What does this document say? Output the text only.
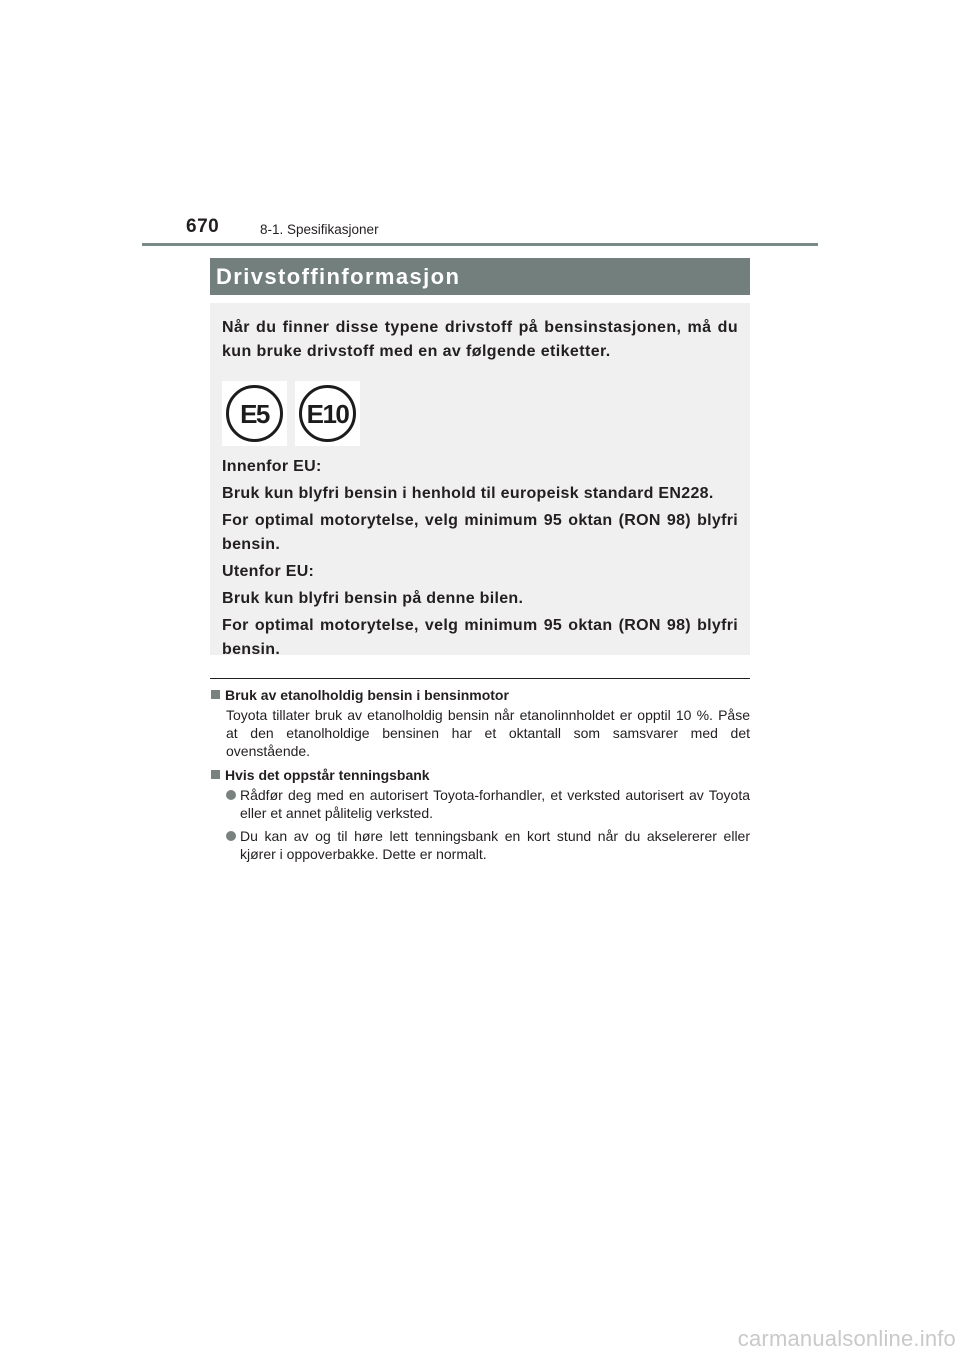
670	8-1. Spesifikasjoner
Drivstoffinformasjon

Når du finner disse typene drivstoff på bensinstasjonen, må du kun bruke drivstoff med en av følgende etiketter.

E5 E10

Innenfor EU:

Bruk kun blyfri bensin i henhold til europeisk standard EN228.

For optimal motorytelse, velg minimum 95 oktan (RON 98) blyfri bensin.

Utenfor EU:

Bruk kun blyfri bensin på denne bilen.

For optimal motorytelse, velg minimum 95 oktan (RON 98) blyfri bensin.

Bruk av etanolholdig bensin i bensinmotor
Toyota tillater bruk av etanolholdig bensin når etanolinnholdet er opptil 10 %. Påse at den etanolholdige bensinen har et oktantall som samsvarer med det ovenstående.
Hvis det oppstår tenningsbank
Rådfør deg med en autorisert Toyota-forhandler, et verksted autorisert av Toyota eller et annet pålitelig verksted.
Du kan av og til høre lett tenningsbank en kort stund når du akselererer eller kjører i oppoverbakke. Dette er normalt.
carmanualsonline.info
